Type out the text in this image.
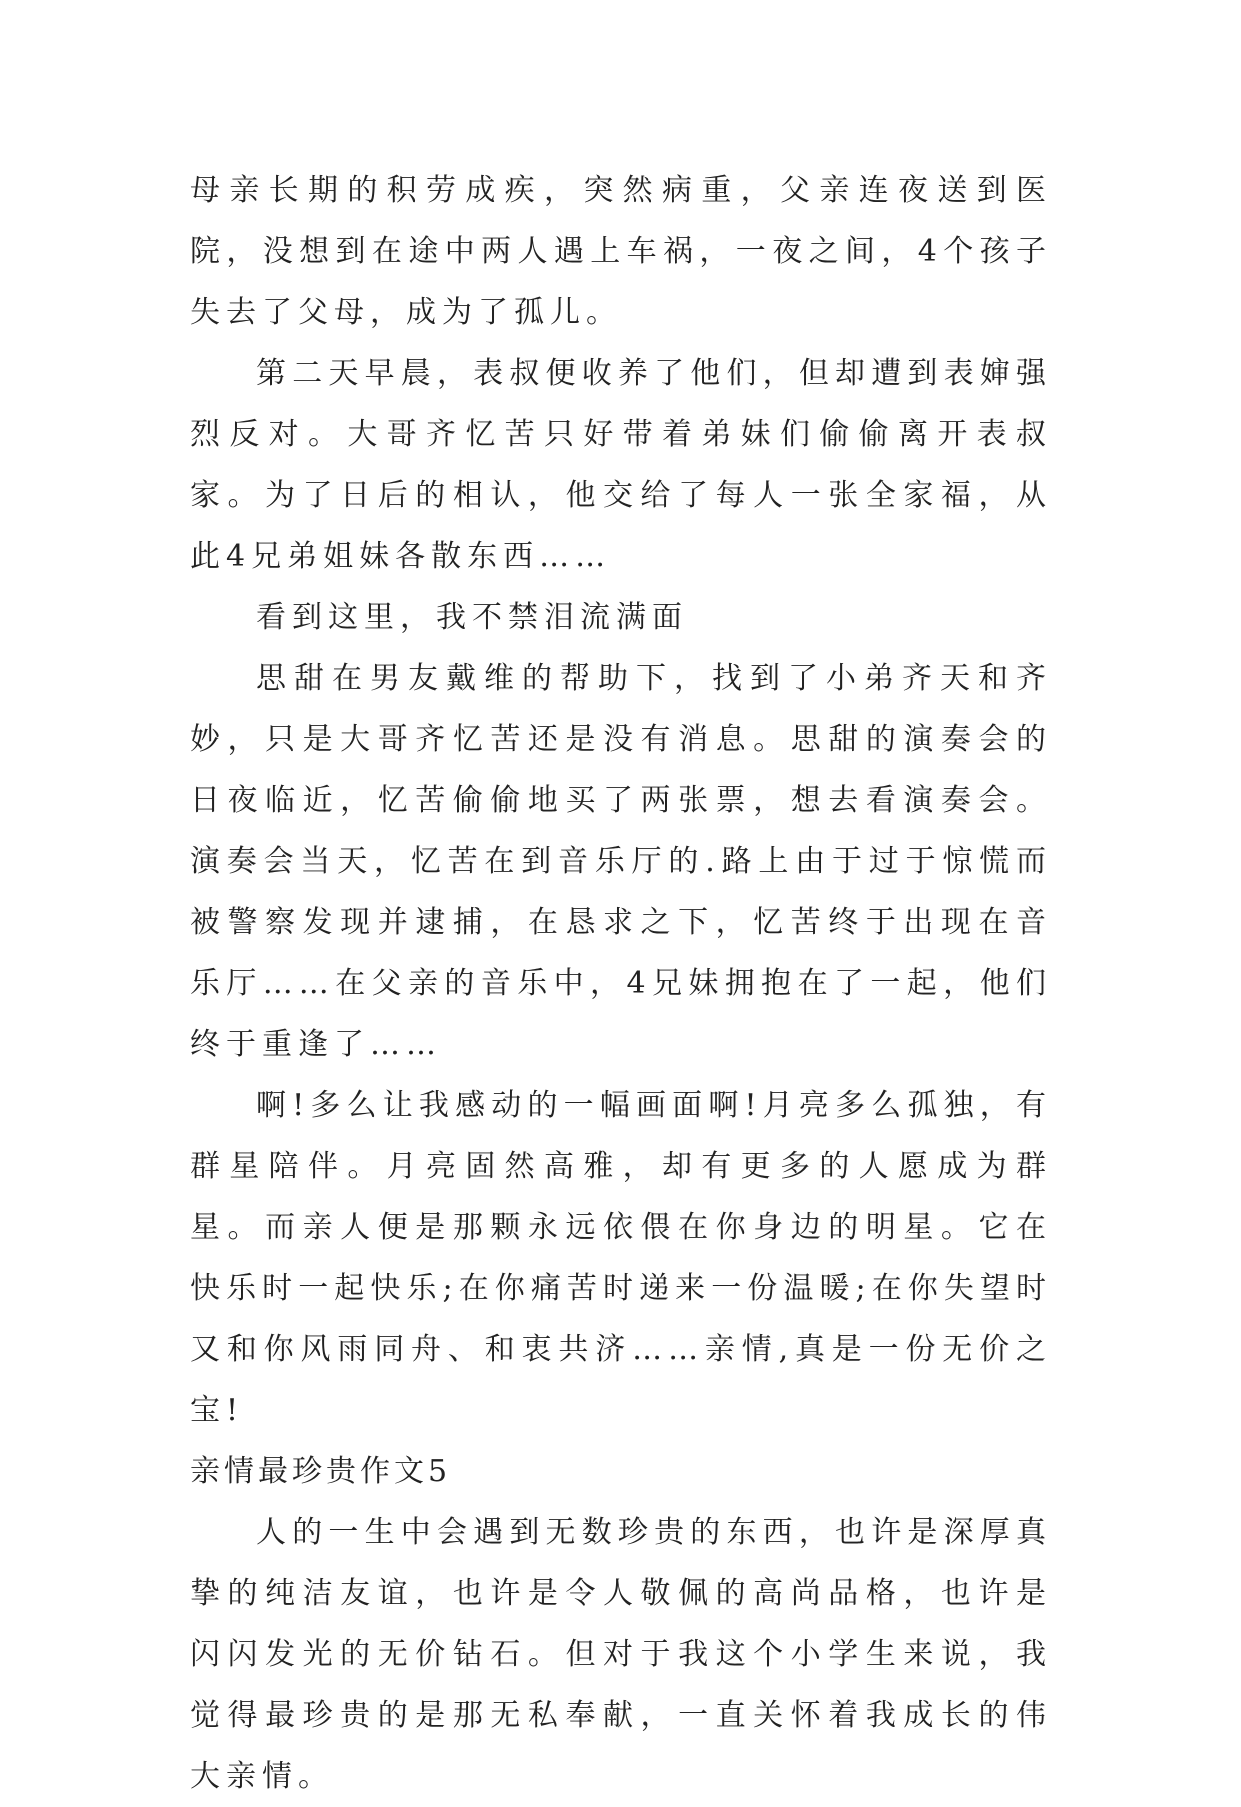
母亲长期的积劳成疾，突然病重，父亲连夜送到医院，没想到在途中两人遇上车祸，一夜之间，4个孩子失去了父母，成为了孤儿。

第二天早晨，表叔便收养了他们，但却遭到表婶强烈反对。大哥齐忆苦只好带着弟妹们偷偷离开表叔家。为了日后的相认，他交给了每人一张全家福，从此4兄弟姐妹各散东西……

看到这里，我不禁泪流满面

思甜在男友戴维的帮助下，找到了小弟齐天和齐妙，只是大哥齐忆苦还是没有消息。思甜的演奏会的日夜临近，忆苦偷偷地买了两张票，想去看演奏会。演奏会当天，忆苦在到音乐厅的.路上由于过于惊慌而被警察发现并逮捕，在恳求之下，忆苦终于出现在音乐厅……在父亲的音乐中，4兄妹拥抱在了一起，他们终于重逢了……

啊!多么让我感动的一幅画面啊!月亮多么孤独，有群星陪伴。月亮固然高雅，却有更多的人愿成为群星。而亲人便是那颗永远依偎在你身边的明星。它在快乐时一起快乐;在你痛苦时递来一份温暖;在你失望时又和你风雨同舟、和衷共济……亲情,真是一份无价之宝!

亲情最珍贵作文5

人的一生中会遇到无数珍贵的东西，也许是深厚真挚的纯洁友谊，也许是令人敬佩的高尚品格，也许是闪闪发光的无价钻石。但对于我这个小学生来说，我觉得最珍贵的是那无私奉献，一直关怀着我成长的伟大亲情。
